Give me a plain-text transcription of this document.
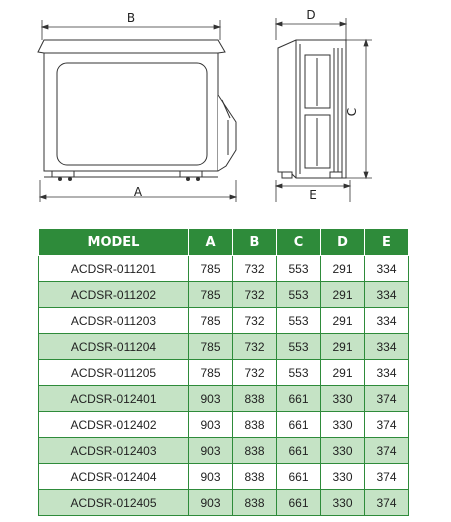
B
A
D
C
E
MODEL	A	B	C	D	E
ACDSR-011201	785	732	553	291	334
ACDSR-011202	785	732	553	291	334
ACDSR-011203	785	732	553	291	334
ACDSR-011204	785	732	553	291	334
ACDSR-011205	785	732	553	291	334
ACDSR-012401	903	838	661	330	374
ACDSR-012402	903	838	661	330	374
ACDSR-012403	903	838	661	330	374
ACDSR-012404	903	838	661	330	374
ACDSR-012405	903	838	661	330	374
